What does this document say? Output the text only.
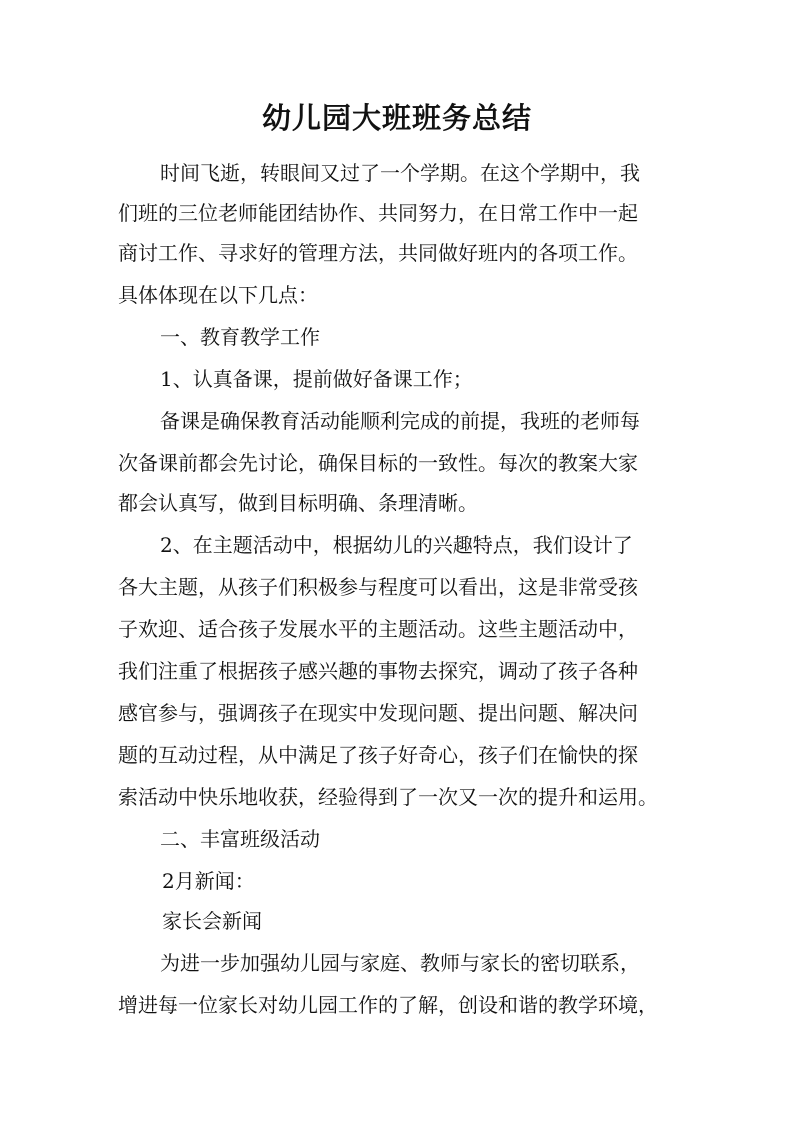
幼儿园大班班务总结
时间飞逝，转眼间又过了一个学期。在这个学期中，我
们班的三位老师能团结协作、共同努力，在日常工作中一起
商讨工作、寻求好的管理方法，共同做好班内的各项工作。
具体体现在以下几点：
一、教育教学工作
1、认真备课，提前做好备课工作；
备课是确保教育活动能顺利完成的前提，我班的老师每
次备课前都会先讨论，确保目标的一致性。每次的教案大家
都会认真写，做到目标明确、条理清晰。
2、在主题活动中，根据幼儿的兴趣特点，我们设计了
各大主题，从孩子们积极参与程度可以看出，这是非常受孩
子欢迎、适合孩子发展水平的主题活动。这些主题活动中，
我们注重了根据孩子感兴趣的事物去探究，调动了孩子各种
感官参与，强调孩子在现实中发现问题、提出问题、解决问
题的互动过程，从中满足了孩子好奇心，孩子们在愉快的探
索活动中快乐地收获，经验得到了一次又一次的提升和运用。
二、丰富班级活动
2月新闻：
家长会新闻
为进一步加强幼儿园与家庭、教师与家长的密切联系，
增进每一位家长对幼儿园工作的了解，创设和谐的教学环境，
